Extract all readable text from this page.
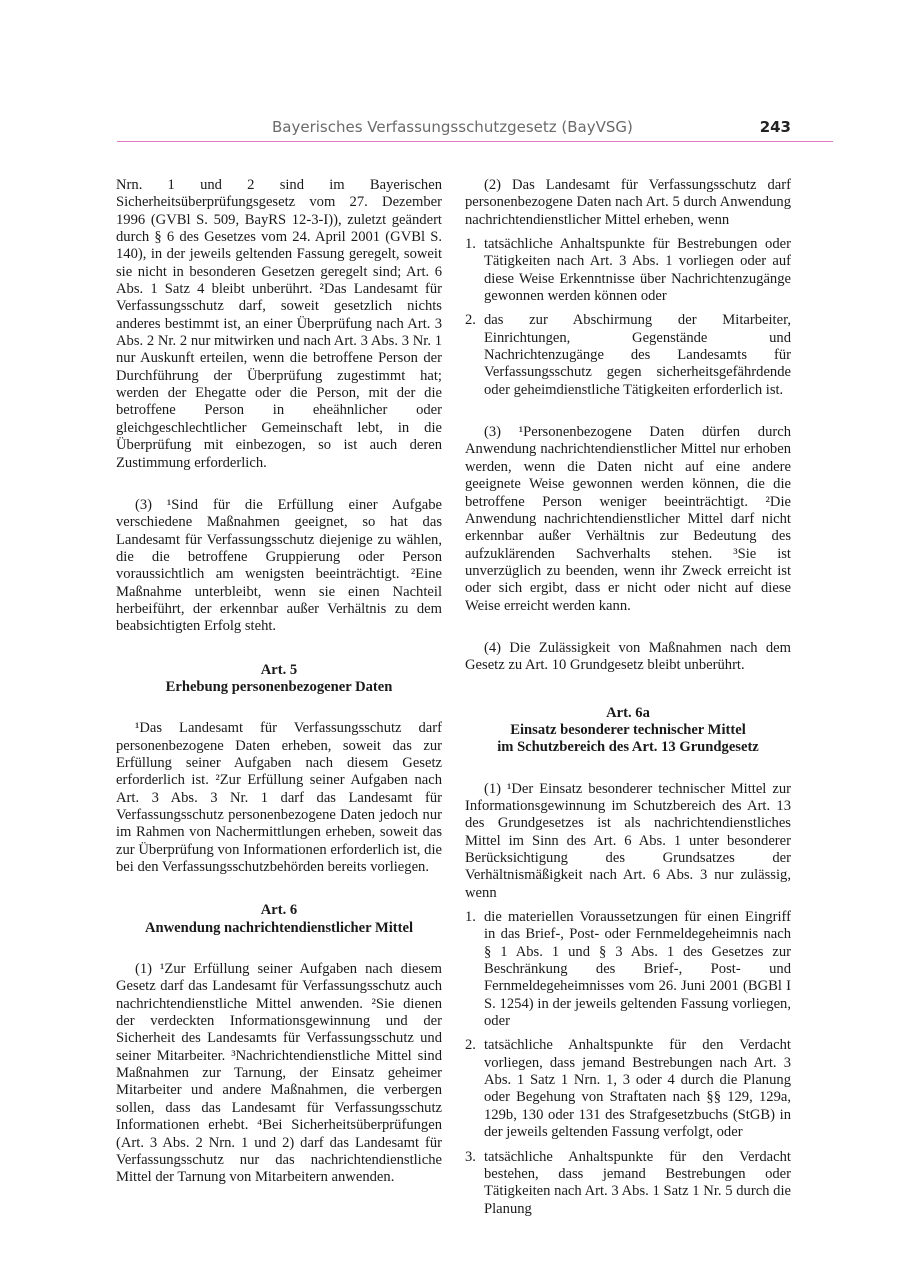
Bayerisches Verfassungsschutzgesetz (BayVSG)	243

Nrn. 1 und 2 sind im Bayerischen Sicherheitsüberprüfungsgesetz vom 27. Dezember 1996 (GVBl S. 509, BayRS 12-3-I)), zuletzt geändert durch § 6 des Gesetzes vom 24. April 2001 (GVBl S. 140), in der jeweils geltenden Fassung geregelt, soweit sie nicht in besonderen Gesetzen geregelt sind; Art. 6 Abs. 1 Satz 4 bleibt unberührt. ²Das Landesamt für Verfassungsschutz darf, soweit gesetzlich nichts anderes bestimmt ist, an einer Überprüfung nach Art. 3 Abs. 2 Nr. 2 nur mitwirken und nach Art. 3 Abs. 3 Nr. 1 nur Auskunft erteilen, wenn die betroffene Person der Durchführung der Überprüfung zugestimmt hat; werden der Ehegatte oder die Person, mit der die betroffene Person in eheähnlicher oder gleichgeschlechtlicher Gemeinschaft lebt, in die Überprüfung mit einbezogen, so ist auch deren Zustimmung erforderlich.

(3) ¹Sind für die Erfüllung einer Aufgabe verschiedene Maßnahmen geeignet, so hat das Landesamt für Verfassungsschutz diejenige zu wählen, die die betroffene Gruppierung oder Person voraussichtlich am wenigsten beeinträchtigt. ²Eine Maßnahme unterbleibt, wenn sie einen Nachteil herbeiführt, der erkennbar außer Verhältnis zu dem beabsichtigten Erfolg steht.

Art. 5
Erhebung personenbezogener Daten

¹Das Landesamt für Verfassungsschutz darf personenbezogene Daten erheben, soweit das zur Erfüllung seiner Aufgaben nach diesem Gesetz erforderlich ist. ²Zur Erfüllung seiner Aufgaben nach Art. 3 Abs. 3 Nr. 1 darf das Landesamt für Verfassungsschutz personenbezogene Daten jedoch nur im Rahmen von Nachermittlungen erheben, soweit das zur Überprüfung von Informationen erforderlich ist, die bei den Verfassungsschutzbehörden bereits vorliegen.

Art. 6
Anwendung nachrichtendienstlicher Mittel

(1) ¹Zur Erfüllung seiner Aufgaben nach diesem Gesetz darf das Landesamt für Verfassungsschutz auch nachrichtendienstliche Mittel anwenden. ²Sie dienen der verdeckten Informationsgewinnung und der Sicherheit des Landesamts für Verfassungsschutz und seiner Mitarbeiter. ³Nachrichtendienstliche Mittel sind Maßnahmen zur Tarnung, der Einsatz geheimer Mitarbeiter und andere Maßnahmen, die verbergen sollen, dass das Landesamt für Verfassungsschutz Informationen erhebt. ⁴Bei Sicherheitsüberprüfungen (Art. 3 Abs. 2 Nrn. 1 und 2) darf das Landesamt für Verfassungsschutz nur das nachrichtendienstliche Mittel der Tarnung von Mitarbeitern anwenden.

(2) Das Landesamt für Verfassungsschutz darf personenbezogene Daten nach Art. 5 durch Anwendung nachrichtendienstlicher Mittel erheben, wenn

1. tatsächliche Anhaltspunkte für Bestrebungen oder Tätigkeiten nach Art. 3 Abs. 1 vorliegen oder auf diese Weise Erkenntnisse über Nachrichtenzugänge gewonnen werden können oder
2. das zur Abschirmung der Mitarbeiter, Einrichtungen, Gegenstände und Nachrichtenzugänge des Landesamts für Verfassungsschutz gegen sicherheitsgefährdende oder geheimdienstliche Tätigkeiten erforderlich ist.

(3) ¹Personenbezogene Daten dürfen durch Anwendung nachrichtendienstlicher Mittel nur erhoben werden, wenn die Daten nicht auf eine andere geeignete Weise gewonnen werden können, die die betroffene Person weniger beeinträchtigt. ²Die Anwendung nachrichtendienstlicher Mittel darf nicht erkennbar außer Verhältnis zur Bedeutung des aufzuklärenden Sachverhalts stehen. ³Sie ist unverzüglich zu beenden, wenn ihr Zweck erreicht ist oder sich ergibt, dass er nicht oder nicht auf diese Weise erreicht werden kann.

(4) Die Zulässigkeit von Maßnahmen nach dem Gesetz zu Art. 10 Grundgesetz bleibt unberührt.

Art. 6a
Einsatz besonderer technischer Mittel
im Schutzbereich des Art. 13 Grundgesetz

(1) ¹Der Einsatz besonderer technischer Mittel zur Informationsgewinnung im Schutzbereich des Art. 13 des Grundgesetzes ist als nachrichtendienstliches Mittel im Sinn des Art. 6 Abs. 1 unter besonderer Berücksichtigung des Grundsatzes der Verhältnismäßigkeit nach Art. 6 Abs. 3 nur zulässig, wenn

1. die materiellen Voraussetzungen für einen Eingriff in das Brief-, Post- oder Fernmeldegeheimnis nach § 1 Abs. 1 und § 3 Abs. 1 des Gesetzes zur Beschränkung des Brief-, Post- und Fernmeldegeheimnisses vom 26. Juni 2001 (BGBl I S. 1254) in der jeweils geltenden Fassung vorliegen, oder
2. tatsächliche Anhaltspunkte für den Verdacht vorliegen, dass jemand Bestrebungen nach Art. 3 Abs. 1 Satz 1 Nrn. 1, 3 oder 4 durch die Planung oder Begehung von Straftaten nach §§ 129, 129a, 129b, 130 oder 131 des Strafgesetzbuchs (StGB) in der jeweils geltenden Fassung verfolgt, oder
3. tatsächliche Anhaltspunkte für den Verdacht bestehen, dass jemand Bestrebungen oder Tätigkeiten nach Art. 3 Abs. 1 Satz 1 Nr. 5 durch die Planung
